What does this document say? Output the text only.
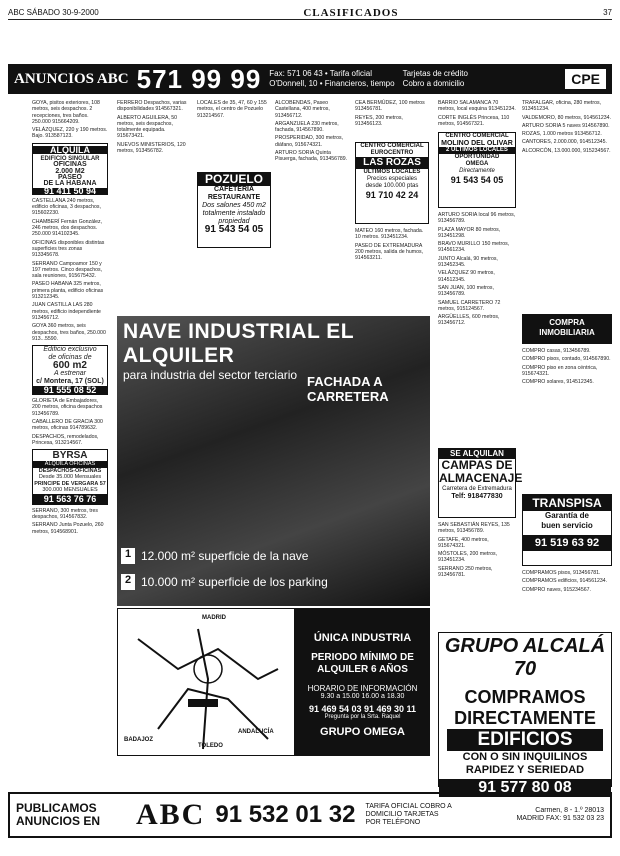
ABC SÁBADO 30-9-2000	CLASIFICADOS	37
ANUNCIOS ABC 571 99 99 Fax: 571 06 43 • Tarifa oficial
O'Donnell, 10 • Financieros, tiempo
Tarjetas de crédito
Cobro a domicilio	CPE

GOYA, pisitos exteriores, 108 metros, seis despachos. 2 recepciones, tres baños. 250.000 915664209.

VELÁZQUEZ, 220 y 190 metros. Bajo. 913587123.

ALQUILA
EDIFICIO SINGULAR
OFICINAS
2.000 M2
PASEO
DE LA HABANA
91 411 50 94

CASTELLANA 240 metros, edificio oficinas, 3 despachos, 915602230.

CHAMBERÍ Fernán González, 246 metros, dos despachos. 250.000 914102345.

OFICINAS disponibles distintas superficies tres zonas 913345678.

SERRANO Campoamor 150 y 197 metros. Cinco despachos, sala reuniones, 915675432.

PASEO HABANA 325 metros, primera planta, edificio oficinas 913212345.

JUAN CASTILLA LAS 280 metros, edificio independiente 913456712.

GOYA 360 metros, seis despachos, tres baños, 250.000 913...5590.

Edificio exclusivo
de oficinas de
600 m2
A estrenar
c/ Montera, 17 (SOL)
91 555 08 52

GLORIETA de Embajadores, 200 metros, oficina despachos 913456789.

CABALLERO DE GRACIA 300 metros, oficinas 914789632.

DESPACHOS, remodelados, Princesa, 913214567.

BYRSA
ALQUILA OFICINAS
DESPACHOS-OFICINAS
Desde 35.000 Mensuales
PRINCIPE DE VERGARA 57
300.000 MENSUALES
91 563 76 76

SERRANO, 300 metros, tres despachos, 914567832.

SERRANO Junta Pozuelo, 260 metros, 914568901.

FERRERO Despachos, varias disponibilidades 914567321.

ALBERTO AGUILERA, 50 metros, seis despachos, totalmente equipada. 915673421.

NUEVOS MINISTERIOS, 120 metros, 913456782.

LOCALES de 35, 47, 60 y 155 metros, el centro de Pozuelo 913214567.

POZUELO
CAFETERÍA RESTAURANTE
Dos salones 450 m2
totalmente instalado
propiedad
91 543 54 05

ALCOBENDAS, Paseo Castellana, 400 metros, 913456712.

ARGANZUELA 230 metros, fachada, 914567890.

PROSPERIDAD, 300 metros, diáfano, 915674321.

ARTURO SORIA Quinta Pisuerga, fachada, 913456789.

CEA BERMÚDEZ, 100 metros 913456781.

REYES, 200 metros, 913456123.

CENTRO COMERCIAL
EUROCENTRO
LAS ROZAS
ÚLTIMOS LOCALES
Precios especiales
desde 100.000 ptas
91 710 42 24

MATEO 160 metros, fachada. 10 metros. 913451234.

PASEO DE EXTREMADURA 200 metros, salida de humos, 914563211.

BARRIO SALAMANCA 70 metros, local esquina 913451234.

CORTE INGLÉS Princesa, 110 metros, 914567321.

CENTRO COMERCIAL
MOLINO DEL OLIVAR
2 ÚLTIMOS LOCALES
OPORTUNIDAD
OMEGA
Directamente
91 543 54 05

ARTURO SORIA local 96 metros, 913456789.

PLAZA MAYOR 80 metros, 913451298.

BRAVO MURILLO 150 metros, 914561234.

JUNTO Alcalá, 90 metros, 913452345.

VELÁZQUEZ 90 metros, 914512345.

SAN JUAN, 100 metros, 913456789.

SAMUEL CARRETERO 72 metros, 915124567.

ARGÜELLES, 600 metros, 913456712.

SE ALQUILAN
CAMPAS DE
ALMACENAJE
Carretera de Extremadura
Telf: 918477830

SAN SEBASTIÁN REYES, 135 metros, 913456789.

GETAFE, 400 metros, 915674321.

MÓSTOLES, 200 metros, 913451234.

SERRANO 250 metros, 913456781.

TRAFALGAR, oficina, 280 metros, 913451234.

VALDEMORO, 80 metros, 914561234.

ARTURO SORIA 5 naves 914567890.

ROZAS, 1.000 metros 913456712.

CANTORES, 2.000.000, 914512345.

ALCORCÓN, 13.000.000, 915234567.

COMPRA
INMOBILIARIA

COMPRO casas, 913456789.

COMPRO pisos, contado, 914567890.

COMPRO piso en zona céntrica, 915674321.

COMPRO solares, 914512345.

TRANSPISA
Garantía de
buen servicio
91 519 63 92

COMPRAMOS pisos, 913456781.

COMPRAMOS edificios, 914561234.

COMPRO naves, 915234567.

NAVE INDUSTRIAL EL ALQUILER
para industria del sector terciario FACHADA A CARRETERA
1 12.000 m² superficie de la nave
2 10.000 m² superficie de los parking
MADRID
BADAJOZ
ANDALUCÍA
TOLEDO
ÚNICA INDUSTRIA
PERIODO MÍNIMO DE ALQUILER 6 AÑOS
HORARIO DE INFORMACIÓN
9.30 a 15.00 16.00 a 18.30
91 469 54 03 91 469 30 11
Pregunta por la Srta. Raquel
GRUPO OMEGA
GRUPO ALCALÁ 70
COMPRAMOS DIRECTAMENTE
EDIFICIOS
CON O SIN INQUILINOS RAPIDEZ Y SERIEDAD
91 577 80 08
PUBLICAMOS ANUNCIOS EN	ABC 91 532 01 32 TARIFA OFICIAL COBRO A DOMICILIO TARJETAS POR TELÉFONO
Carmen, 8 - 1.º 28013 MADRID FAX: 91 532 03 23
